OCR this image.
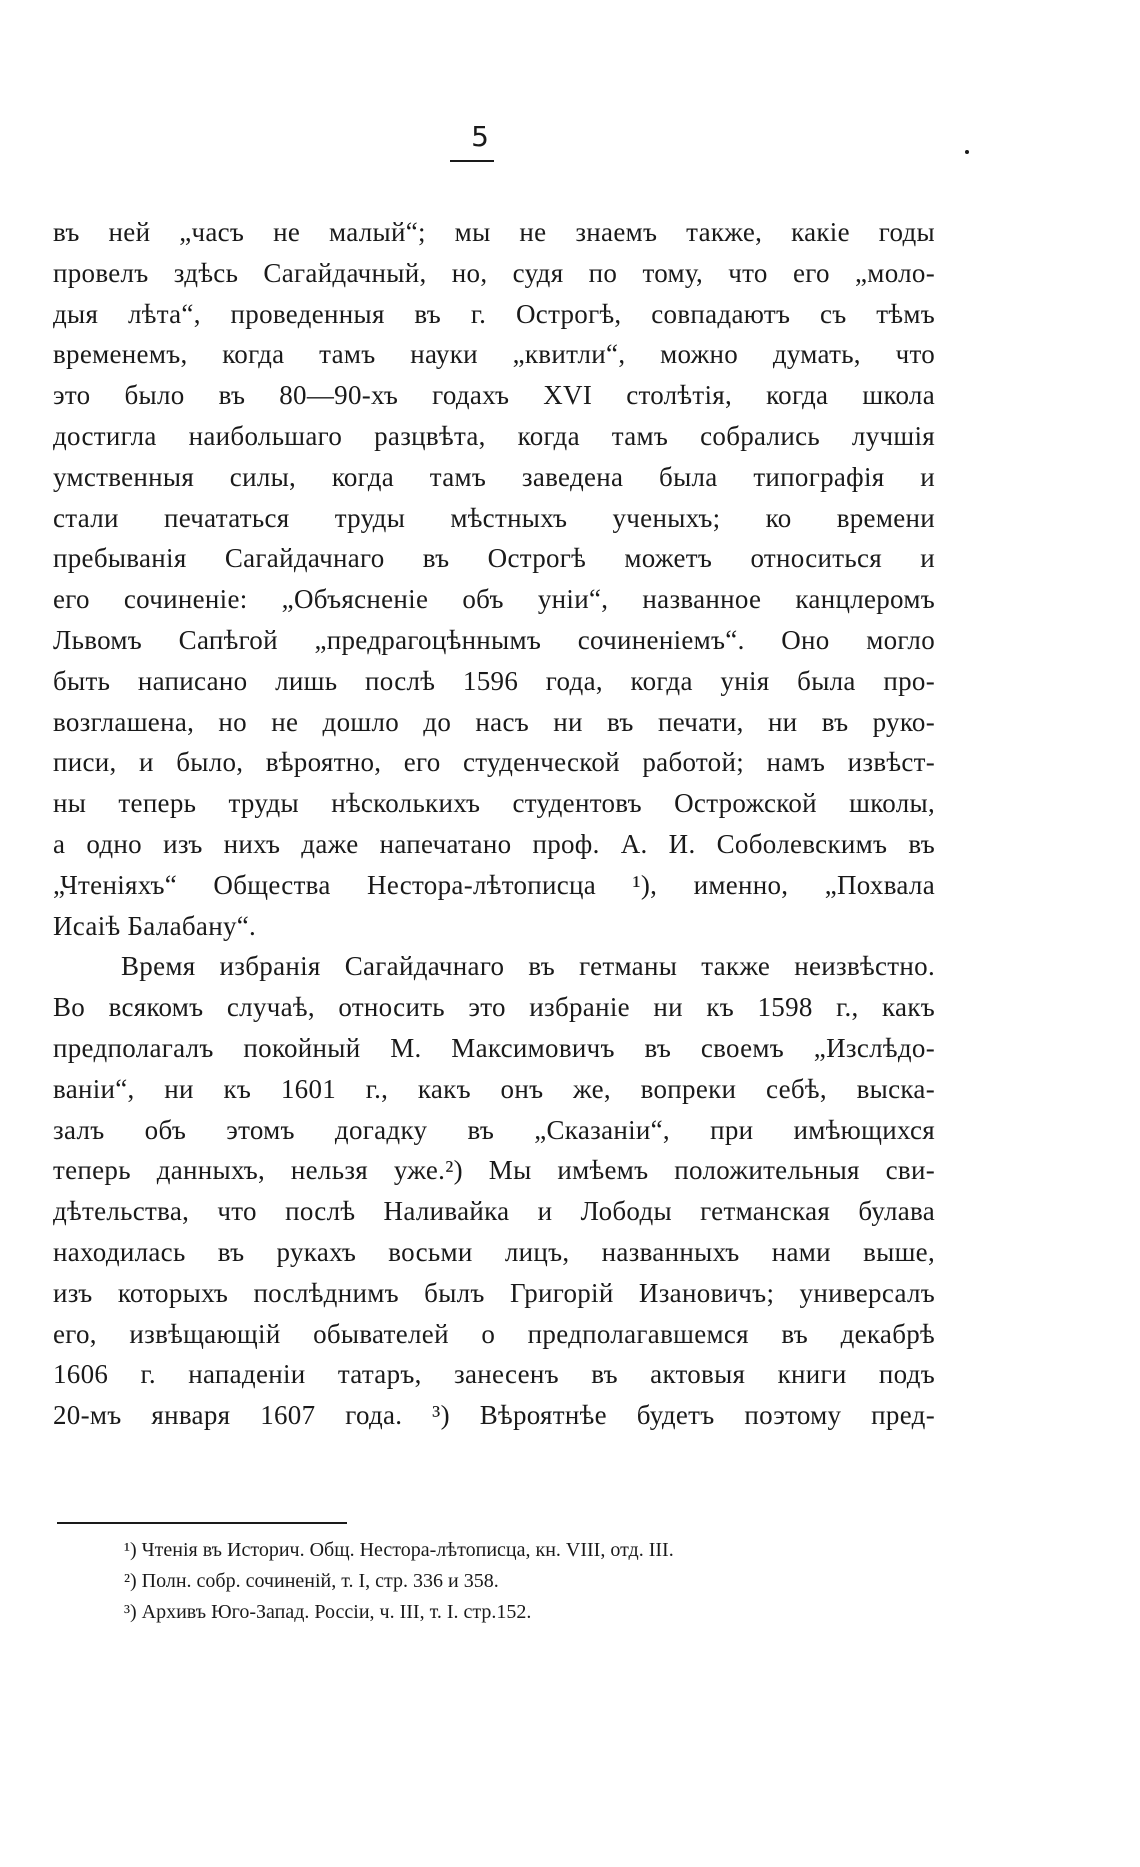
5
въ ней „часъ не малый“; мы не знаемъ также, какіе годы
провелъ здѣсь Сагайдачный, но, судя по тому, что его „моло-
дыя лѣта“, проведенныя въ г. Острогѣ, совпадаютъ съ тѣмъ
временемъ, когда тамъ науки „квитли“, можно думать, что
это было въ 80—90-хъ годахъ XVI столѣтія, когда школа
достигла наибольшаго разцвѣта, когда тамъ собрались лучшія
умственныя силы, когда тамъ заведена была типографія и
стали печататься труды мѣстныхъ ученыхъ; ко времени
пребыванія Сагайдачнаго въ Острогѣ можетъ относиться и
его сочиненіе: „Объясненіе объ уніи“, названное канцлеромъ
Львомъ Сапѣгой „предрагоцѣннымъ сочиненіемъ“. Оно могло
быть написано лишь послѣ 1596 года, когда унія была про-
возглашена, но не дошло до насъ ни въ печати, ни въ руко-
писи, и было, вѣроятно, его студенческой работой; намъ извѣст-
ны теперь труды нѣсколькихъ студентовъ Острожской школы,
а одно изъ нихъ даже напечатано проф. А. И. Соболевскимъ въ
„Чтеніяхъ“ Общества Нестора-лѣтописца ¹), именно, „Похвала
Исаіѣ Балабану“.
Время избранія Сагайдачнаго въ гетманы также неизвѣстно.
Во всякомъ случаѣ, относить это избраніе ни къ 1598 г., какъ
предполагалъ покойный М. Максимовичъ въ своемъ „Изслѣдо-
ваніи“, ни къ 1601 г., какъ онъ же, вопреки себѣ, выска-
залъ объ этомъ догадку въ „Сказаніи“, при имѣющихся
теперь данныхъ, нельзя уже.²) Мы имѣемъ положительныя сви-
дѣтельства, что послѣ Наливайка и Лободы гетманская булава
находилась въ рукахъ восьми лицъ, названныхъ нами выше,
изъ которыхъ послѣднимъ былъ Григорій Изановичъ; универсалъ
его, извѣщающій обывателей о предполагавшемся въ декабрѣ
1606 г. нападеніи татаръ, занесенъ въ актовыя книги подъ
20-мъ января 1607 года. ³) Вѣроятнѣе будетъ поэтому пред-
¹) Чтенія въ Историч. Общ. Нестора-лѣтописца, кн. VIII, отд. III.
²) Полн. собр. сочиненій, т. I, стр. 336 и 358.
³) Архивъ Юго-Запад. Россіи, ч. III, т. I. стр.152.
